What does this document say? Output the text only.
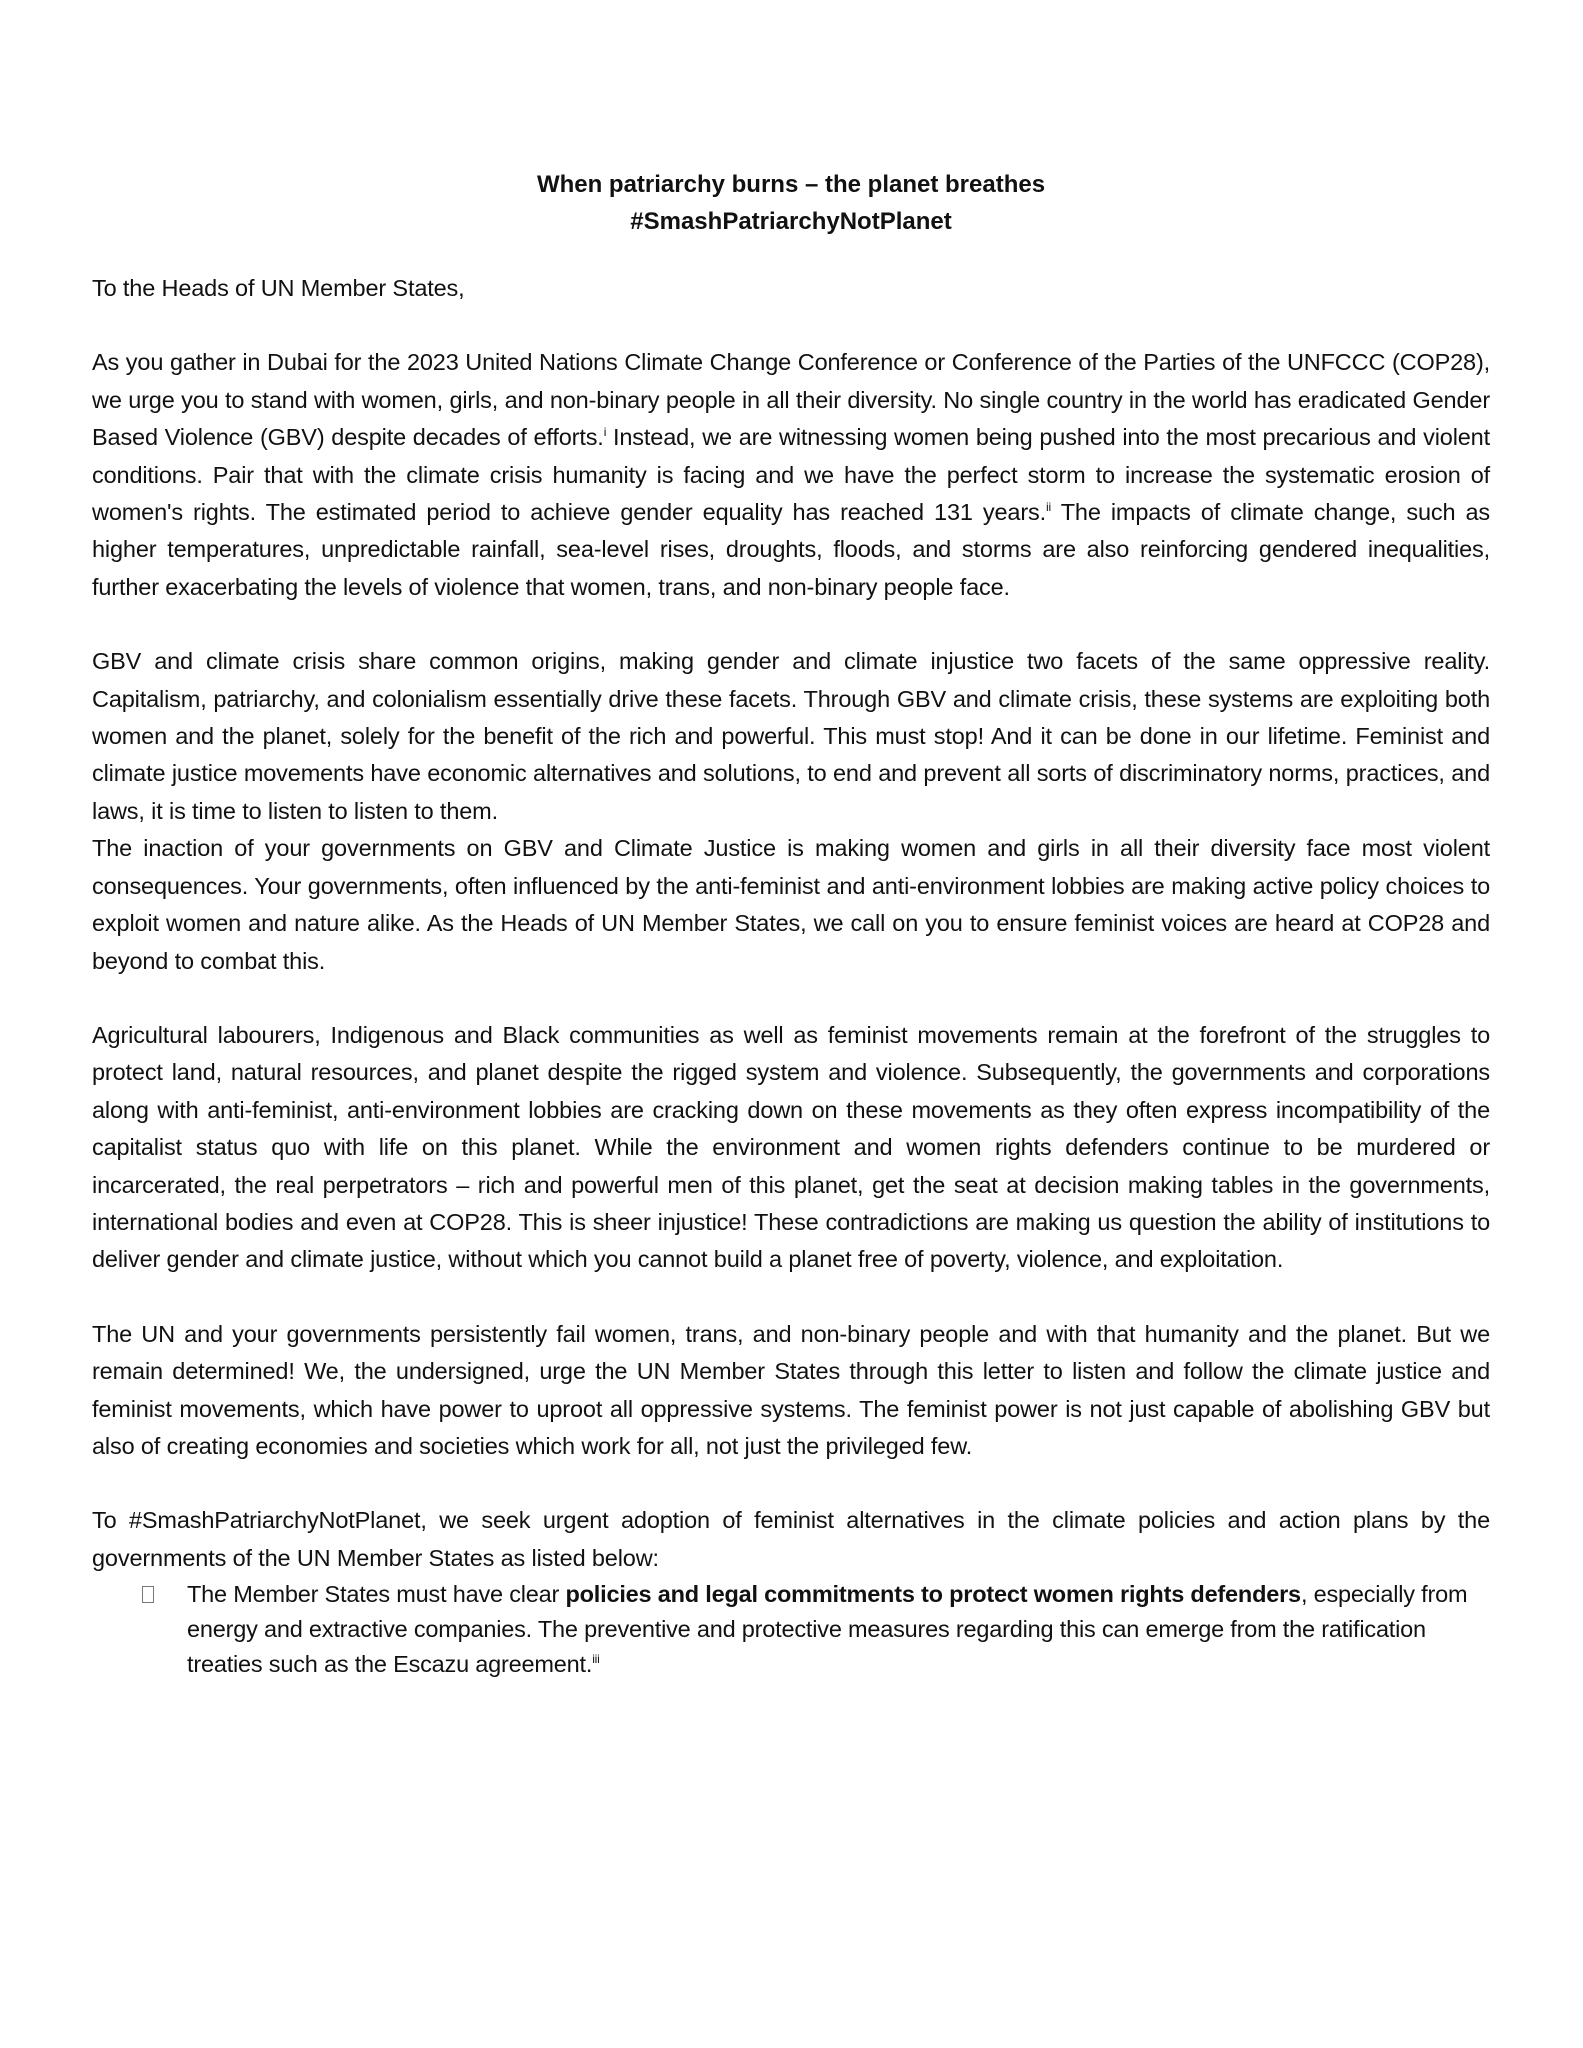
When patriarchy burns – the planet breathes
#SmashPatriarchyNotPlanet

To the Heads of UN Member States,

As you gather in Dubai for the 2023 United Nations Climate Change Conference or Conference of the Parties of the UNFCCC (COP28), we urge you to stand with women, girls, and non-binary people in all their diversity. No single country in the world has eradicated Gender Based Violence (GBV) despite decades of efforts.$^i$ Instead, we are witnessing women being pushed into the most precarious and violent conditions. Pair that with the climate crisis humanity is facing and we have the perfect storm to increase the systematic erosion of women's rights. The estimated period to achieve gender equality has reached 131 years.$^{ii}$ The impacts of climate change, such as higher temperatures, unpredictable rainfall, sea-level rises, droughts, floods, and storms are also reinforcing gendered inequalities, further exacerbating the levels of violence that women, trans, and non-binary people face.

GBV and climate crisis share common origins, making gender and climate injustice two facets of the same oppressive reality. Capitalism, patriarchy, and colonialism essentially drive these facets. Through GBV and climate crisis, these systems are exploiting both women and the planet, solely for the benefit of the rich and powerful. This must stop! And it can be done in our lifetime. Feminist and climate justice movements have economic alternatives and solutions, to end and prevent all sorts of discriminatory norms, practices, and laws, it is time to listen to listen to them.

The inaction of your governments on GBV and Climate Justice is making women and girls in all their diversity face most violent consequences. Your governments, often influenced by the anti-feminist and anti-environment lobbies are making active policy choices to exploit women and nature alike. As the Heads of UN Member States, we call on you to ensure feminist voices are heard at COP28 and beyond to combat this.

Agricultural labourers, Indigenous and Black communities as well as feminist movements remain at the forefront of the struggles to protect land, natural resources, and planet despite the rigged system and violence. Subsequently, the governments and corporations along with anti-feminist, anti-environment lobbies are cracking down on these movements as they often express incompatibility of the capitalist status quo with life on this planet. While the environment and women rights defenders continue to be murdered or incarcerated, the real perpetrators – rich and powerful men of this planet, get the seat at decision making tables in the governments, international bodies and even at COP28. This is sheer injustice! These contradictions are making us question the ability of institutions to deliver gender and climate justice, without which you cannot build a planet free of poverty, violence, and exploitation.

The UN and your governments persistently fail women, trans, and non-binary people and with that humanity and the planet. But we remain determined! We, the undersigned, urge the UN Member States through this letter to listen and follow the climate justice and feminist movements, which have power to uproot all oppressive systems. The feminist power is not just capable of abolishing GBV but also of creating economies and societies which work for all, not just the privileged few.

To #SmashPatriarchyNotPlanet, we seek urgent adoption of feminist alternatives in the climate policies and action plans by the governments of the UN Member States as listed below:

The Member States must have clear policies and legal commitments to protect women rights defenders, especially from energy and extractive companies. The preventive and protective measures regarding this can emerge from the ratification treaties such as the Escazu agreement.$^{iii}$
